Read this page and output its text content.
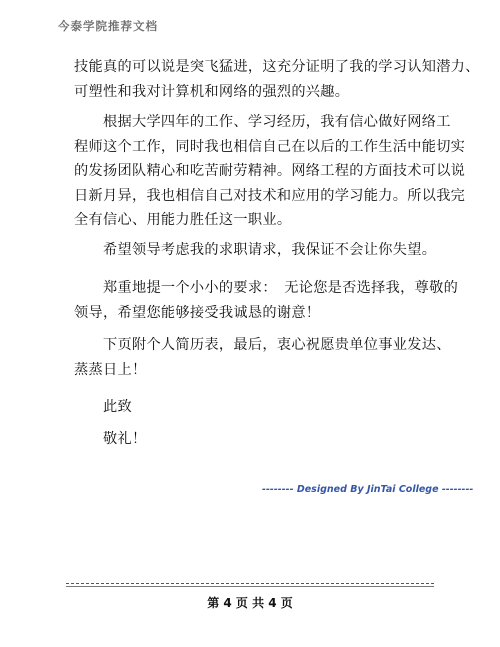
今泰学院推荐文档
技能真的可以说是突飞猛进，这充分证明了我的学习认知潜力、
可塑性和我对计算机和网络的强烈的兴趣。
　　根据大学四年的工作、学习经历，我有信心做好网络工
程师这个工作，同时我也相信自己在以后的工作生活中能切实
的发扬团队精心和吃苦耐劳精神。网络工程的方面技术可以说
日新月异，我也相信自己对技术和应用的学习能力。所以我完
全有信心、用能力胜任这一职业。
　　希望领导考虑我的求职请求，我保证不会让你失望。
　　郑重地提一个小小的要求：　无论您是否选择我，尊敬的
领导，希望您能够接受我诚恳的谢意！
　　下页附个人简历表，最后，衷心祝愿贵单位事业发达、
蒸蒸日上！
　　此致
　　敬礼！
-------- Designed By JinTai College --------
第 4 页 共 4 页
